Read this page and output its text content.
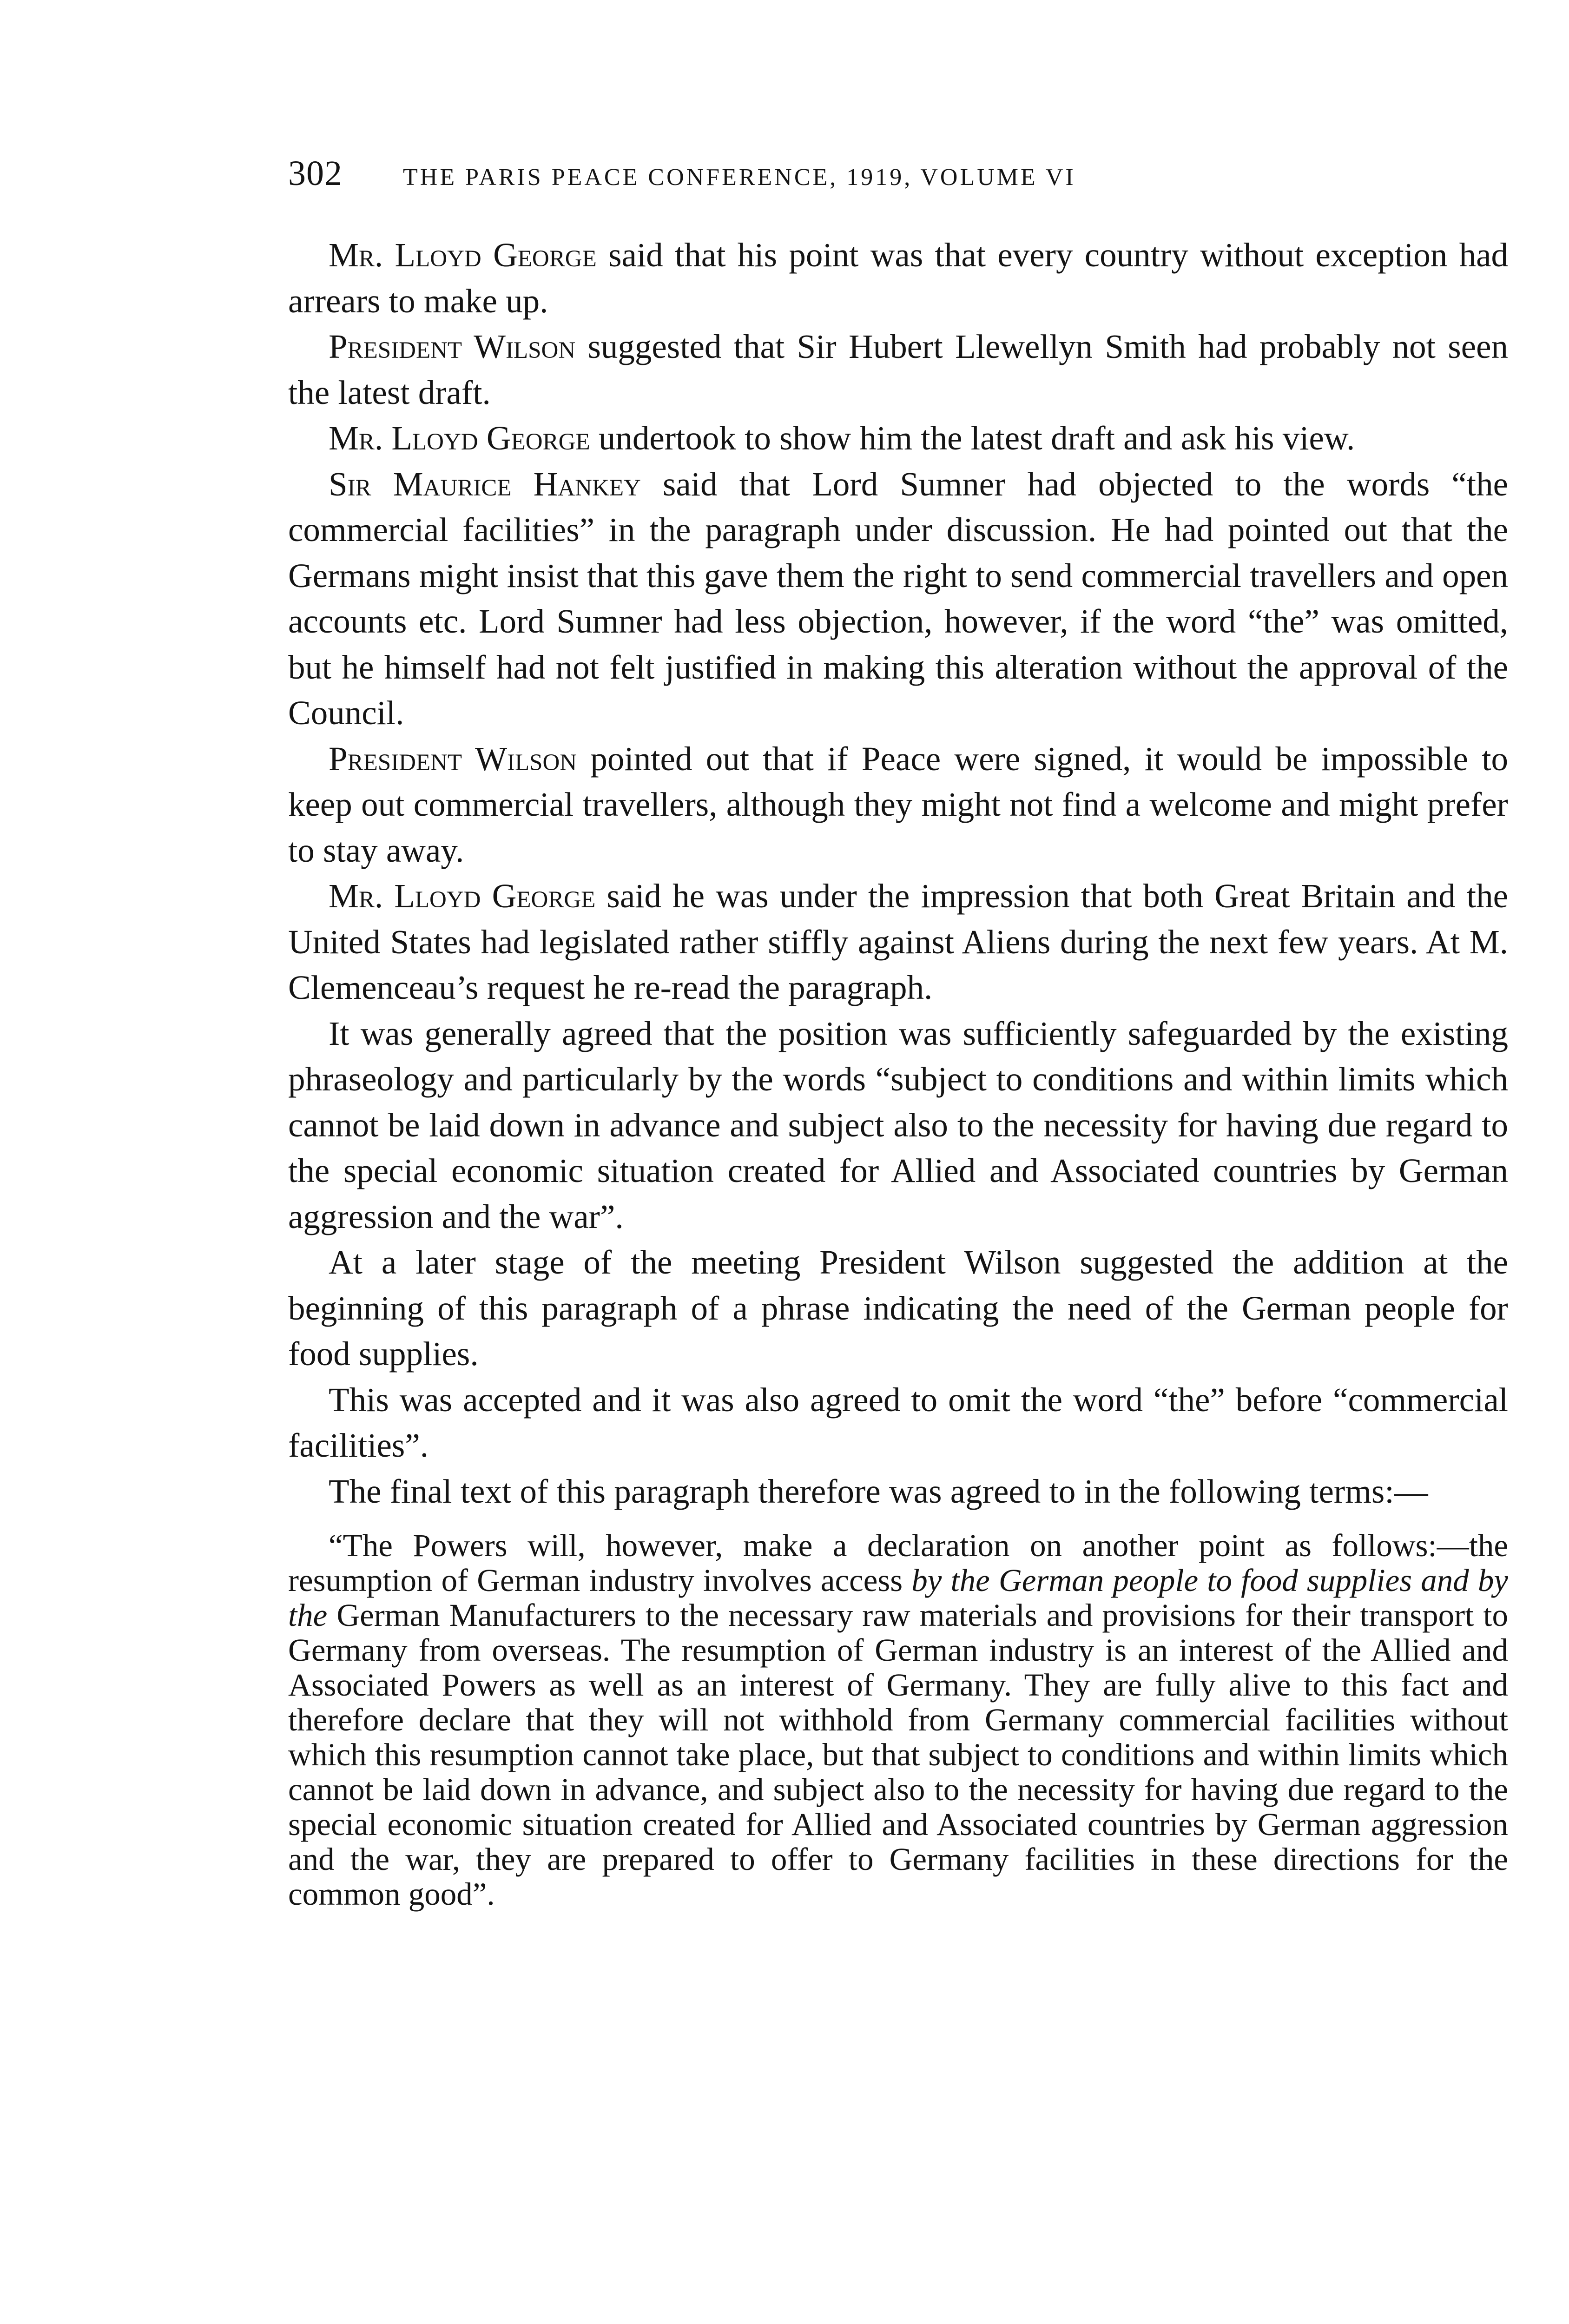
302	THE PARIS PEACE CONFERENCE, 1919, VOLUME VI

Mr. Lloyd George said that his point was that every country without exception had arrears to make up.

President Wilson suggested that Sir Hubert Llewellyn Smith had probably not seen the latest draft.

Mr. Lloyd George undertook to show him the latest draft and ask his view.

Sir Maurice Hankey said that Lord Sumner had objected to the words “the commercial facilities” in the paragraph under discussion. He had pointed out that the Germans might insist that this gave them the right to send commercial travellers and open accounts etc. Lord Sumner had less objection, however, if the word “the” was omitted, but he himself had not felt justified in making this alteration without the approval of the Council.

President Wilson pointed out that if Peace were signed, it would be impossible to keep out commercial travellers, although they might not find a welcome and might prefer to stay away.

Mr. Lloyd George said he was under the impression that both Great Britain and the United States had legislated rather stiffly against Aliens during the next few years. At M. Clemenceau’s request he re-read the paragraph.

It was generally agreed that the position was sufficiently safeguarded by the existing phraseology and particularly by the words “subject to conditions and within limits which cannot be laid down in advance and subject also to the necessity for having due regard to the special economic situation created for Allied and Associated countries by German aggression and the war”.

At a later stage of the meeting President Wilson suggested the addition at the beginning of this paragraph of a phrase indicating the need of the German people for food supplies.

This was accepted and it was also agreed to omit the word “the” before “commercial facilities”.

The final text of this paragraph therefore was agreed to in the following terms:—

“The Powers will, however, make a declaration on another point as follows:—the resumption of German industry involves access by the German people to food supplies and by the German Manufacturers to the necessary raw materials and provisions for their transport to Germany from overseas. The resumption of German industry is an interest of the Allied and Associated Powers as well as an interest of Germany. They are fully alive to this fact and therefore declare that they will not withhold from Germany commercial facilities without which this resumption cannot take place, but that subject to conditions and within limits which cannot be laid down in advance, and subject also to the necessity for having due regard to the special economic situation created for Allied and Associated countries by German aggression and the war, they are prepared to offer to Germany facilities in these directions for the common good”.
